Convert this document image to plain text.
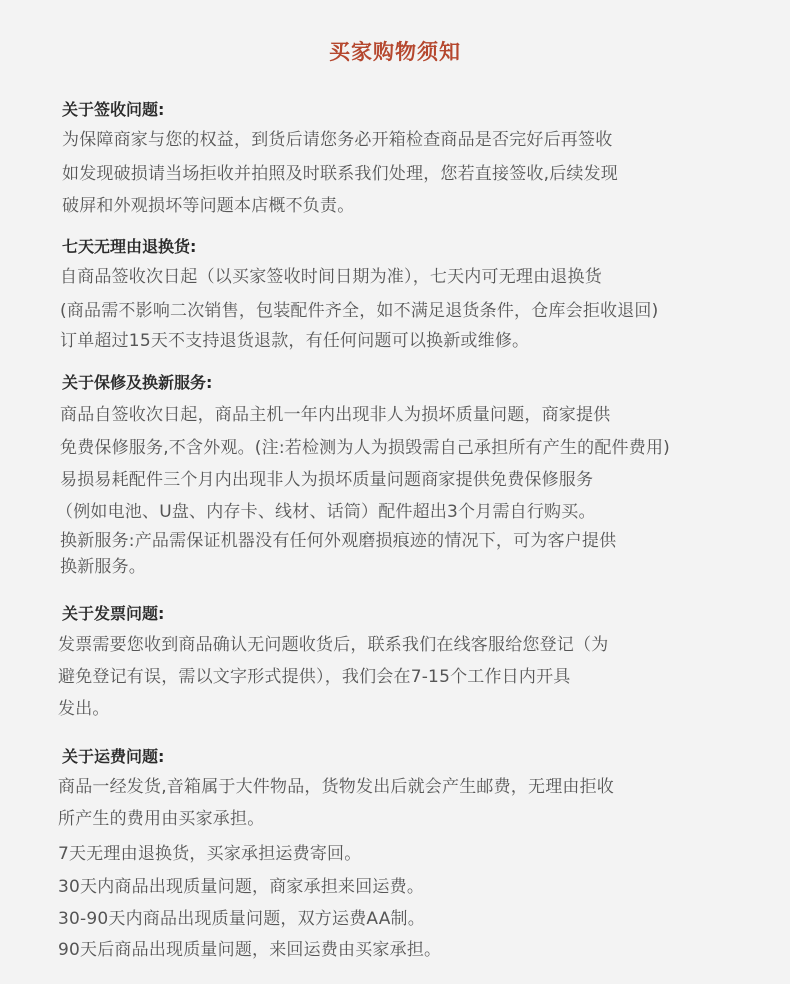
买家购物须知
关于签收问题:
为保障商家与您的权益，到货后请您务必开箱检查商品是否完好后再签收
如发现破损请当场拒收并拍照及时联系我们处理，您若直接签收,后续发现
破屏和外观损坏等问题本店概不负责。
七天无理由退换货:
自商品签收次日起（以买家签收时间日期为准），七天内可无理由退换货
(商品需不影响二次销售，包装配件齐全，如不满足退货条件，仓库会拒收退回)
订单超过15天不支持退货退款，有任何问题可以换新或维修。
关于保修及换新服务:
商品自签收次日起，商品主机一年内出现非人为损坏质量问题，商家提供
免费保修服务,不含外观。(注:若检测为人为损毁需自己承担所有产生的配件费用)
易损易耗配件三个月内出现非人为损坏质量问题商家提供免费保修服务
（例如电池、U盘、内存卡、线材、话筒）配件超出3个月需自行购买。
换新服务:产品需保证机器没有任何外观磨损痕迹的情况下，可为客户提供
换新服务。
关于发票问题:
发票需要您收到商品确认无问题收货后，联系我们在线客服给您登记（为
避免登记有误，需以文字形式提供），我们会在7-15个工作日内开具
发出。
关于运费问题:
商品一经发货,音箱属于大件物品，货物发出后就会产生邮费，无理由拒收
所产生的费用由买家承担。
7天无理由退换货，买家承担运费寄回。
30天内商品出现质量问题，商家承担来回运费。
30-90天内商品出现质量问题，双方运费AA制。
90天后商品出现质量问题，来回运费由买家承担。
